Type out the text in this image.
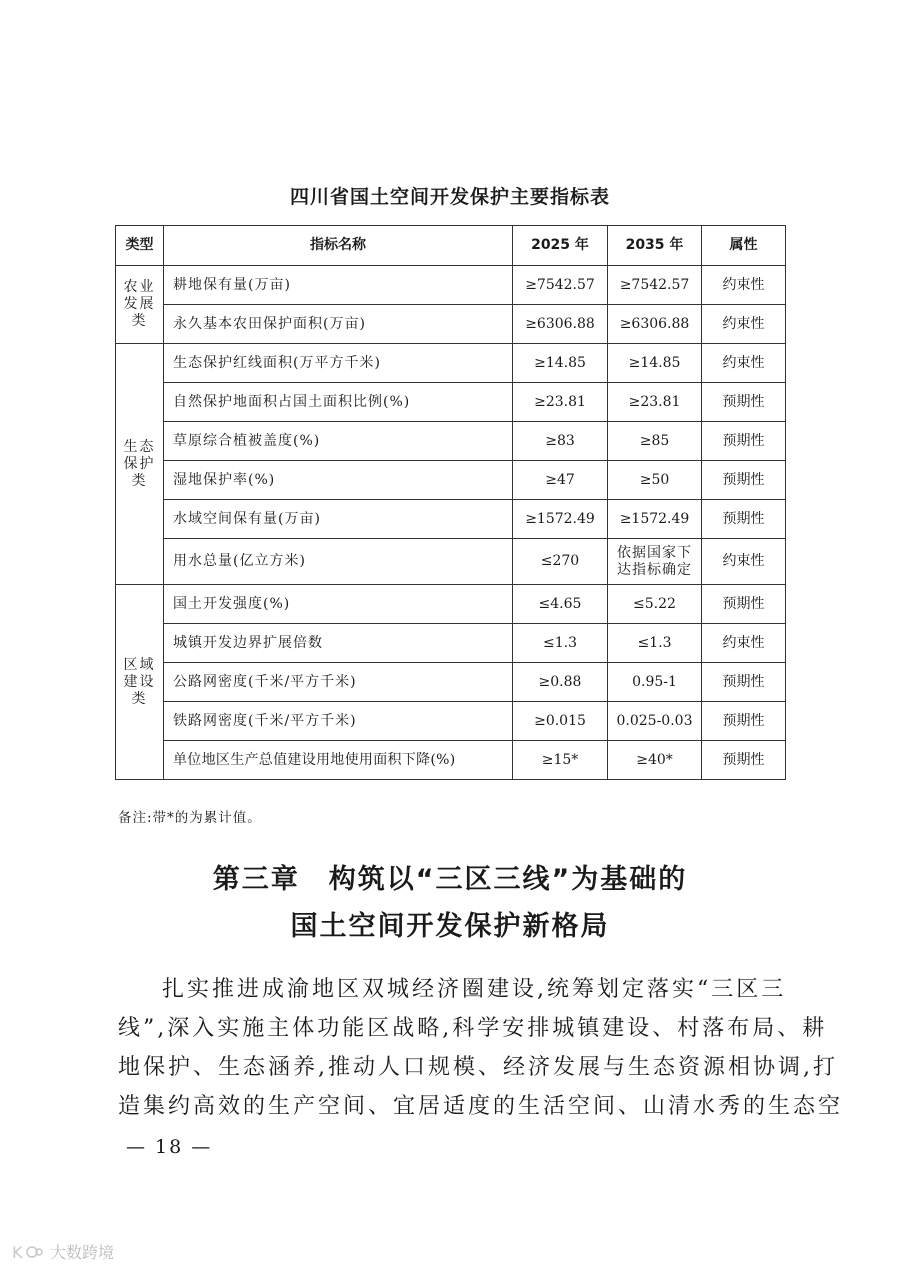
四川省国土空间开发保护主要指标表
类型	指标名称	2025 年	2035 年	属性
农业发展类	耕地保有量(万亩)	≥7542.57	≥7542.57	约束性
	永久基本农田保护面积(万亩)	≥6306.88	≥6306.88	约束性
生态保护类	生态保护红线面积(万平方千米)	≥14.85	≥14.85	约束性
	自然保护地面积占国土面积比例(%)	≥23.81	≥23.81	预期性
	草原综合植被盖度(%)	≥83	≥85	预期性
	湿地保护率(%)	≥47	≥50	预期性
	水域空间保有量(万亩)	≥1572.49	≥1572.49	预期性
	用水总量(亿立方米)	≤270	依据国家下达指标确定	约束性
区域建设类	国土开发强度(%)	≤4.65	≤5.22	预期性
	城镇开发边界扩展倍数	≤1.3	≤1.3	约束性
	公路网密度(千米/平方千米)	≥0.88	0.95-1	预期性
	铁路网密度(千米/平方千米)	≥0.015	0.025-0.03	预期性
	单位地区生产总值建设用地使用面积下降(%)	≥15*	≥40*	预期性
备注:带*的为累计值。
第三章　构筑以“三区三线”为基础的
国土空间开发保护新格局
扎实推进成渝地区双城经济圈建设,统筹划定落实“三区三
线”,深入实施主体功能区战略,科学安排城镇建设、村落布局、耕
地保护、生态涵养,推动人口规模、经济发展与生态资源相协调,打
造集约高效的生产空间、宜居适度的生活空间、山清水秀的生态空
— 18 —
K 大数跨境
